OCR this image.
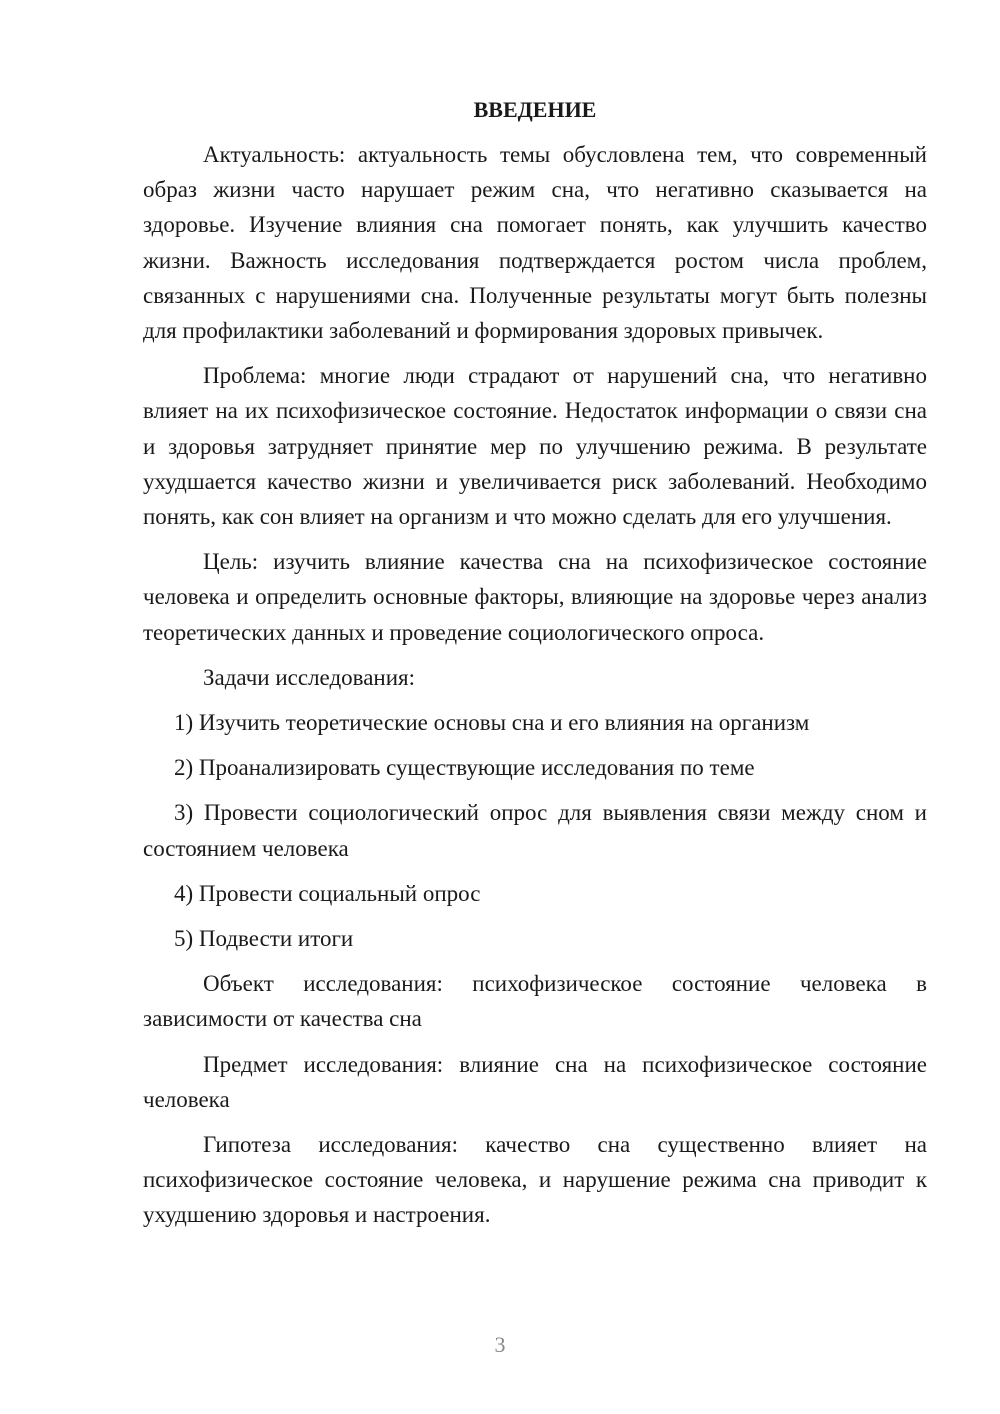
ВВЕДЕНИЕ

Актуальность: актуальность темы обусловлена тем, что современный образ жизни часто нарушает режим сна, что негативно сказывается на здоровье. Изучение влияния сна помогает понять, как улучшить качество жизни. Важность исследования подтверждается ростом числа проблем, связанных с нарушениями сна. Полученные результаты могут быть полезны для профилактики заболеваний и формирования здоровых привычек.

Проблема: многие люди страдают от нарушений сна, что негативно влияет на их психофизическое состояние. Недостаток информации о связи сна и здоровья затрудняет принятие мер по улучшению режима. В результате ухудшается качество жизни и увеличивается риск заболеваний. Необходимо понять, как сон влияет на организм и что можно сделать для его улучшения.

Цель: изучить влияние качества сна на психофизическое состояние человека и определить основные факторы, влияющие на здоровье через анализ теоретических данных и проведение социологического опроса.

Задачи исследования:

1) Изучить теоретические основы сна и его влияния на организм

2) Проанализировать существующие исследования по теме

3) Провести социологический опрос для выявления связи между сном и состоянием человека

4) Провести социальный опрос

5) Подвести итоги

Объект исследования: психофизическое состояние человека в зависимости от качества сна

Предмет исследования: влияние сна на психофизическое состояние человека

Гипотеза исследования: качество сна существенно влияет на психофизическое состояние человека, и нарушение режима сна приводит к ухудшению здоровья и настроения.

3
